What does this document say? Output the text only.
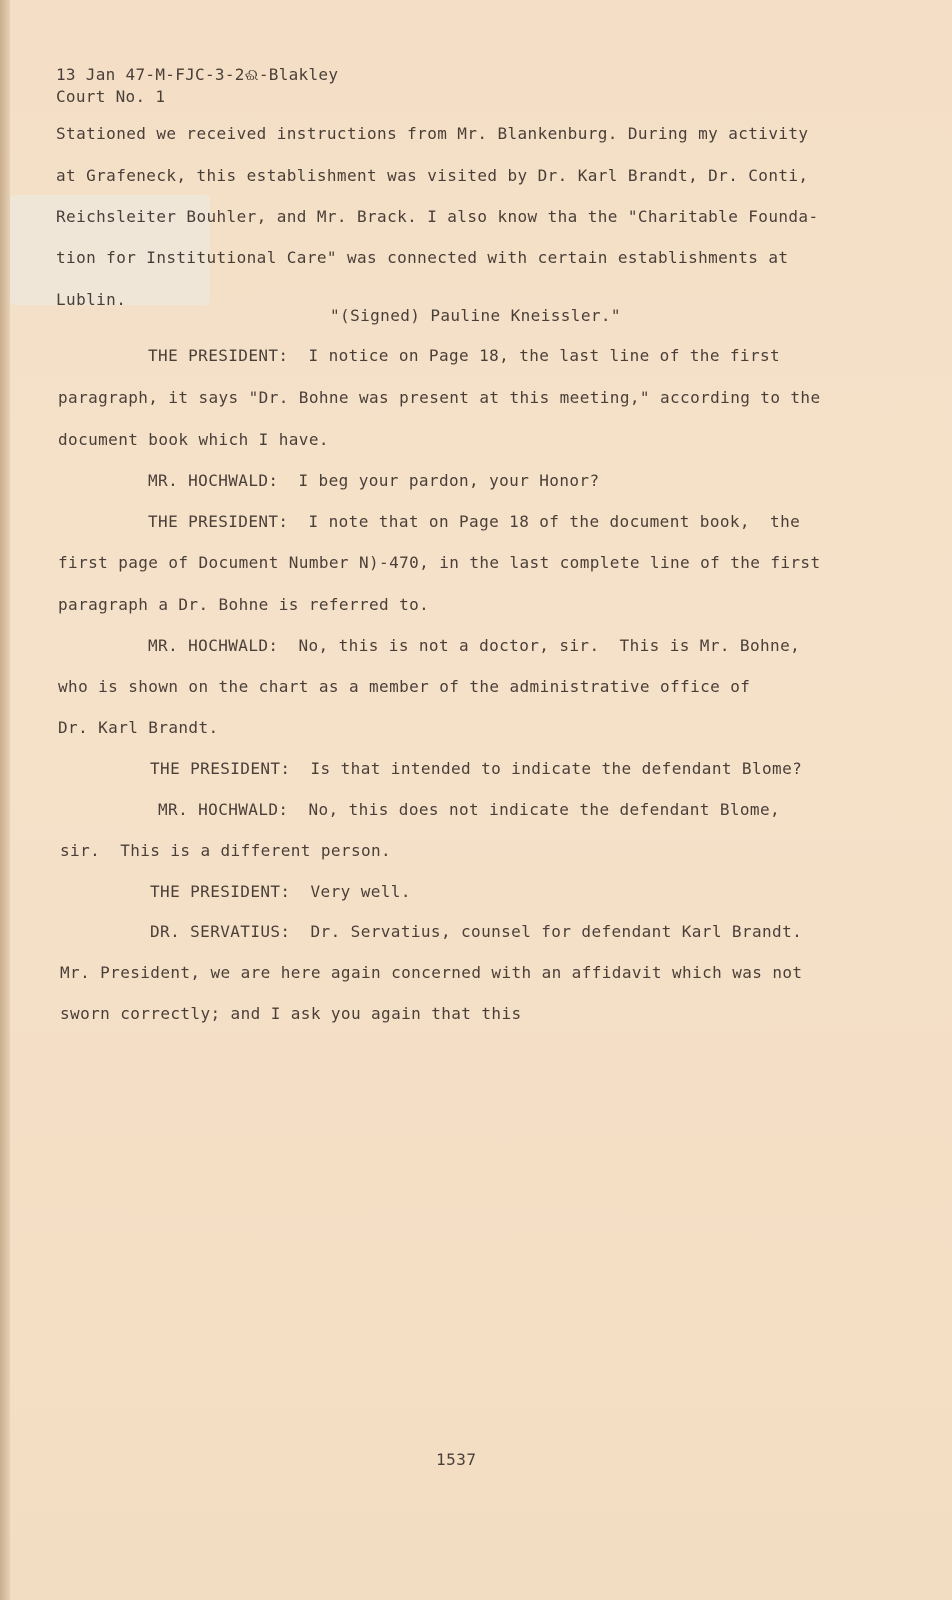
13 Jan 47-M-FJC-3-2ଈ-Blakley
Court No. 1
Stationed we received instructions from Mr. Blankenburg. During my activity
at Grafeneck, this establishment was visited by Dr. Karl Brandt, Dr. Conti,
Reichsleiter Bouhler, and Mr. Brack. I also know tha the "Charitable Founda-
tion for Institutional Care" was connected with certain establishments at
Lublin.
"(Signed) Pauline Kneissler."
THE PRESIDENT:  I notice on Page 18, the last line of the first
paragraph, it says "Dr. Bohne was present at this meeting," according to the
document book which I have.
MR. HOCHWALD:  I beg your pardon, your Honor?
THE PRESIDENT:  I note that on Page 18 of the document book,  the
first page of Document Number N)-470, in the last complete line of the first
paragraph a Dr. Bohne is referred to.
MR. HOCHWALD:  No, this is not a doctor, sir.  This is Mr. Bohne,
who is shown on the chart as a member of the administrative office of
Dr. Karl Brandt.
THE PRESIDENT:  Is that intended to indicate the defendant Blome?
MR. HOCHWALD:  No, this does not indicate the defendant Blome,
sir.  This is a different person.
THE PRESIDENT:  Very well.
DR. SERVATIUS:  Dr. Servatius, counsel for defendant Karl Brandt.
Mr. President, we are here again concerned with an affidavit which was not
sworn correctly; and I ask you again that this
1537
